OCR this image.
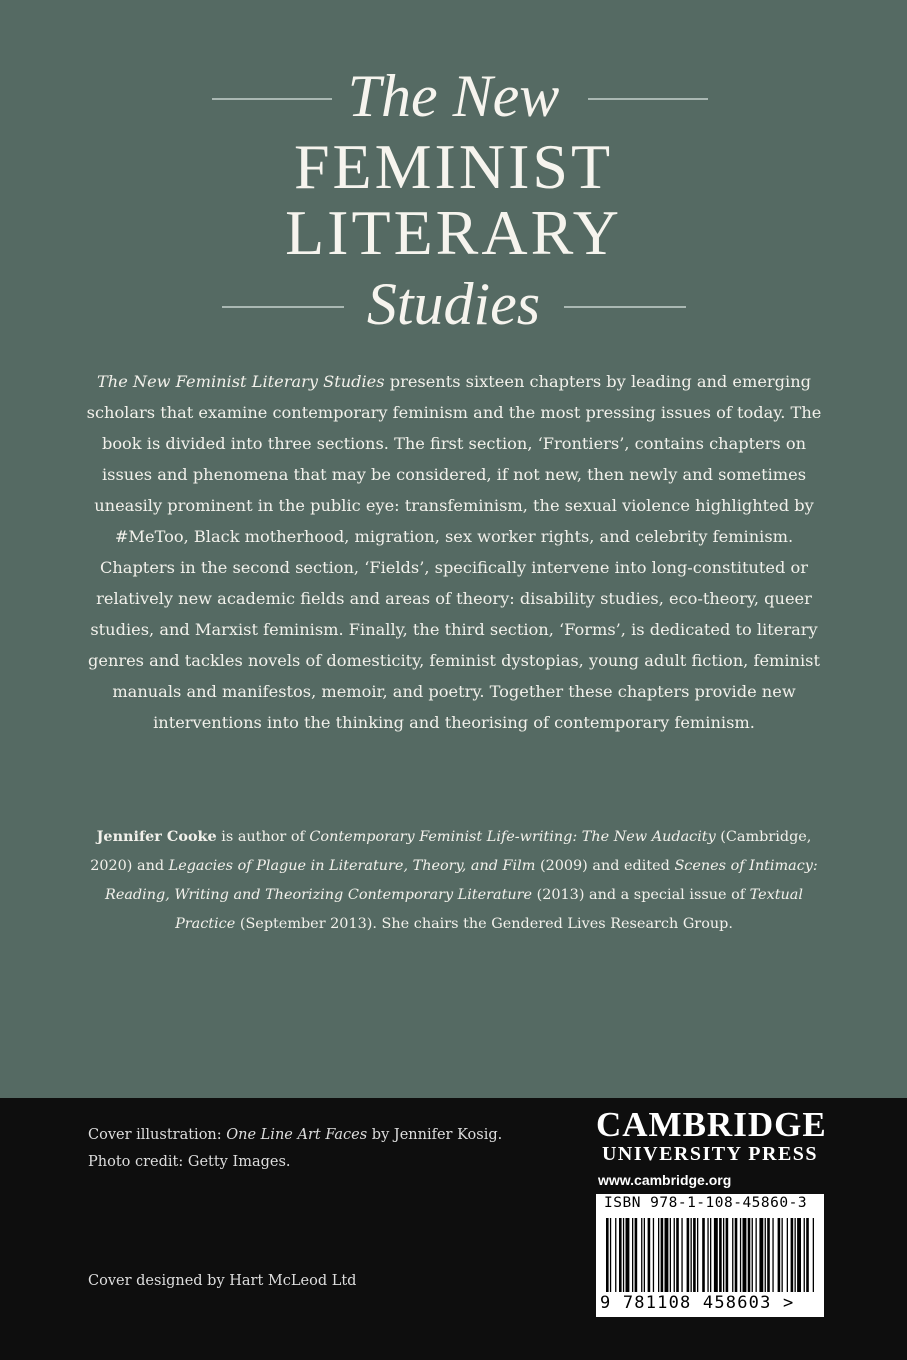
The New
FEMINIST
LITERARY
Studies
The New Feminist Literary Studies presents sixteen chapters by leading and emerging scholars that examine contemporary feminism and the most pressing issues of today. The book is divided into three sections. The first section, ‘Frontiers’, contains chapters on issues and phenomena that may be considered, if not new, then newly and sometimes uneasily prominent in the public eye: transfeminism, the sexual violence highlighted by #MeToo, Black motherhood, migration, sex worker rights, and celebrity feminism. Chapters in the second section, ‘Fields’, specifically intervene into long-constituted or relatively new academic fields and areas of theory: disability studies, eco-theory, queer studies, and Marxist feminism. Finally, the third section, ‘Forms’, is dedicated to literary genres and tackles novels of domesticity, feminist dystopias, young adult fiction, feminist manuals and manifestos, memoir, and poetry. Together these chapters provide new interventions into the thinking and theorising of contemporary feminism.
Jennifer Cooke is author of Contemporary Feminist Life-writing: The New Audacity (Cambridge, 2020) and Legacies of Plague in Literature, Theory, and Film (2009) and edited Scenes of Intimacy: Reading, Writing and Theorizing Contemporary Literature (2013) and a special issue of Textual Practice (September 2013). She chairs the Gendered Lives Research Group.
Cover illustration: One Line Art Faces by Jennifer Kosig.
Photo credit: Getty Images.
Cover designed by Hart McLeod Ltd
CAMBRIDGE
UNIVERSITY PRESS
www.cambridge.org
ISBN 978-1-108-45860-3
9 781108 458603 >
